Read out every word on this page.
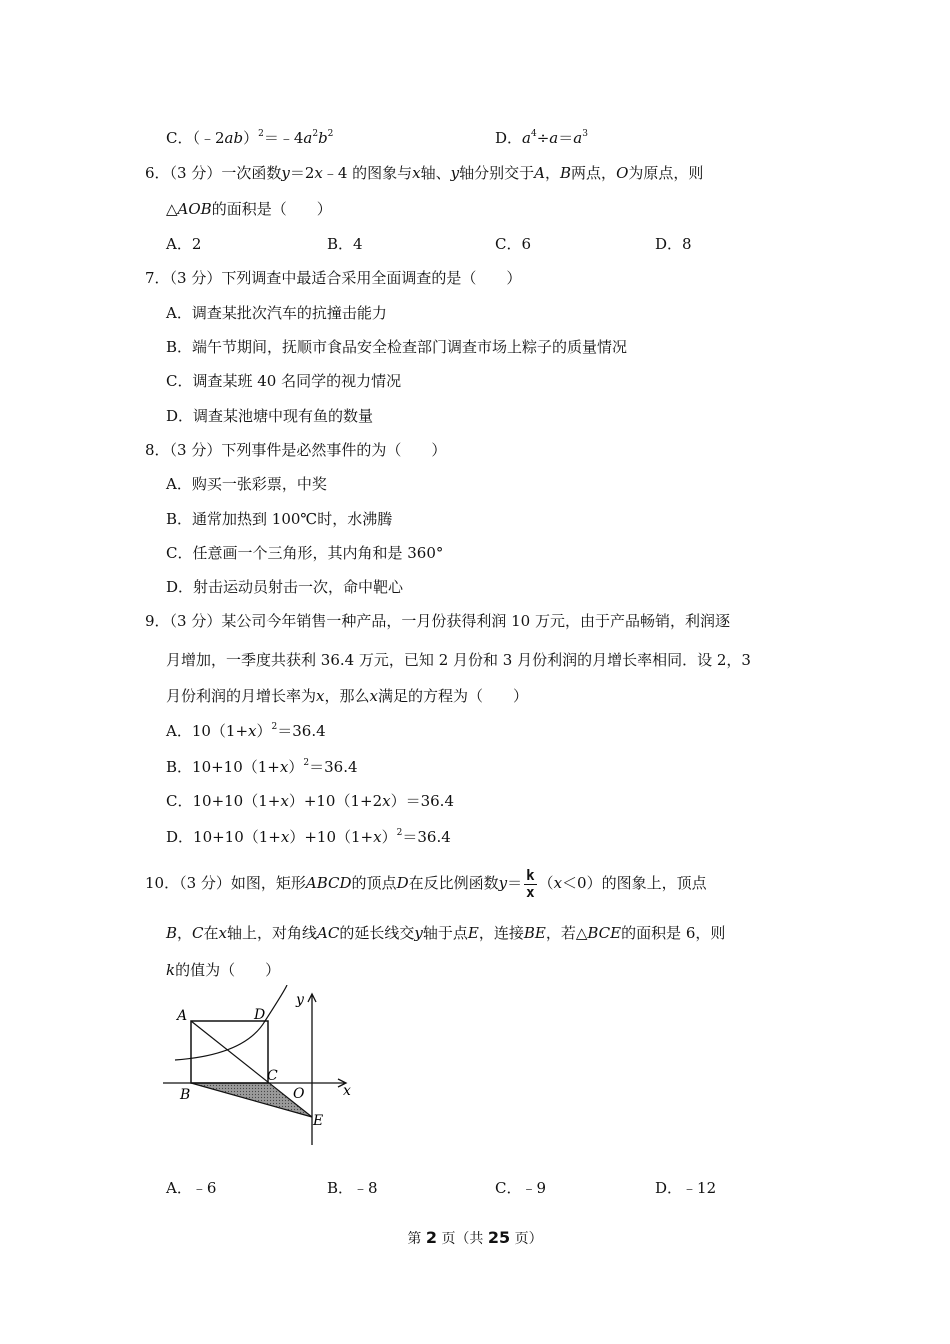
C．$(﹣2ab)^2=﹣4a^2b^2$	D．$a^4\div a=a^3$
6．（3 分）一次函数y＝2x﹣4 的图象与x轴、y轴分别交于A，B两点，O为原点，则
△AOB的面积是（　　）
A．2	B．4	C．6	D．8
7．（3 分）下列调查中最适合采用全面调查的是（　　）
A．调查某批次汽车的抗撞击能力
B．端午节期间，抚顺市食品安全检查部门调查市场上粽子的质量情况
C．调查某班 40 名同学的视力情况
D．调查某池塘中现有鱼的数量
8．（3 分）下列事件是必然事件的为（　　）
A．购买一张彩票，中奖
B．通常加热到 100℃时，水沸腾
C．任意画一个三角形，其内角和是 360°
D．射击运动员射击一次，命中靶心
9．（3 分）某公司今年销售一种产品，一月份获得利润 10 万元，由于产品畅销，利润逐
月增加，一季度共获利 36.4 万元，已知 2 月份和 3 月份利润的月增长率相同．设 2，3
月份利润的月增长率为x，那么x满足的方程为（　　）
A．$10(1+x)^2=36.4$
B．$10+10(1+x)^2=36.4$
C．10+10（1+x）+10（1+2x）＝36.4
D．$10+10(1+x)+10(1+x)^2=36.4$
10．（3 分）如图，矩形ABCD的顶点D在反比例函数$y= \frac{k}{x} (x<0)$的图象上，顶点
B，C在x轴上，对角线AC的延长线交y轴于点E，连接BE，若△BCE的面积是 6，则
k的值为（　　）
A	D
C
B	O
E
x
y
A．﹣6	B．﹣8	C．﹣9	D．﹣12
第 2 页（共 25 页）
